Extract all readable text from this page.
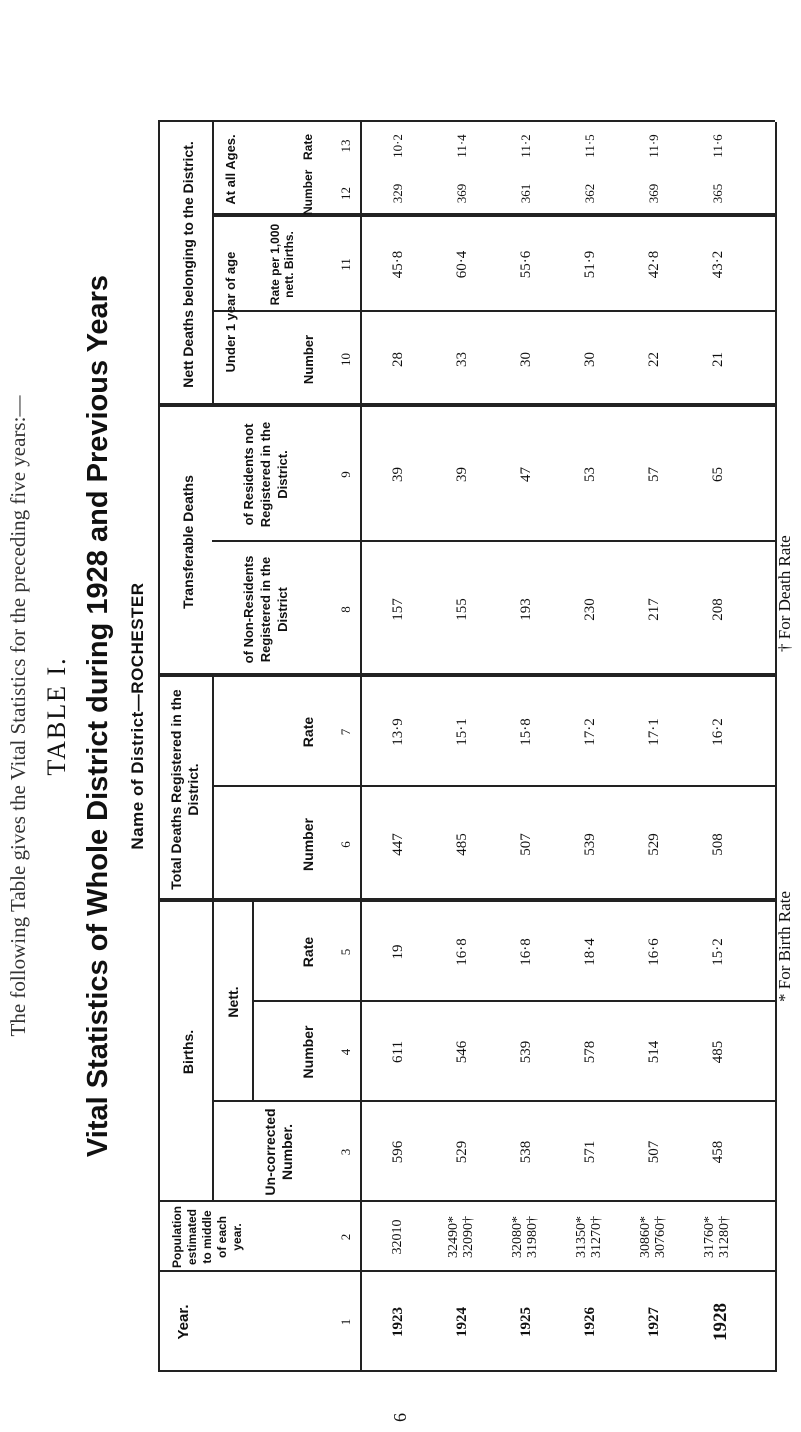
The following Table gives the Vital Statistics for the preceding five years:— TABLE I. Vital Statistics of Whole District during 1928 and Previous Years Name of District—ROCHESTER
6
Year.
Population estimated to middle of each year.
Births.
Un-corrected Number.
Nett.
Number
Rate
Total Deaths Registered in the District.
Number
Rate
Transferable Deaths
of Non-Residents Registered in the District
of Residents not Registered in the District.
Nett Deaths belonging to the District. Under 1 year of age
At all Ages.
Number
Rate per 1,000 nett. Births.
Number
Rate
1
2
3
4
5
6
7
8
9
10
11
12
13
1923
32010
596
611
19
447
13·9
157
39
28
45·8
329
10·2
1924
32490* 32090†
529
546
16·8
485
15·1
155
39
33
60·4
369
11·4
1925
32080* 31980†
538
539
16·8
507
15·8
193
47
30
55·6
361
11·2
1926
31350* 31270†
571
578
18·4
539
17·2
230
53
30
51·9
362
11·5
1927
30860* 30760†
507
514
16·6
529
17·1
217
57
22
42·8
369
11·9
1928
31760* 31280†
458
485
15·2
508
16·2
208
65
21
43·2
365
11·6
* For Birth Rate
† For Death Rate
